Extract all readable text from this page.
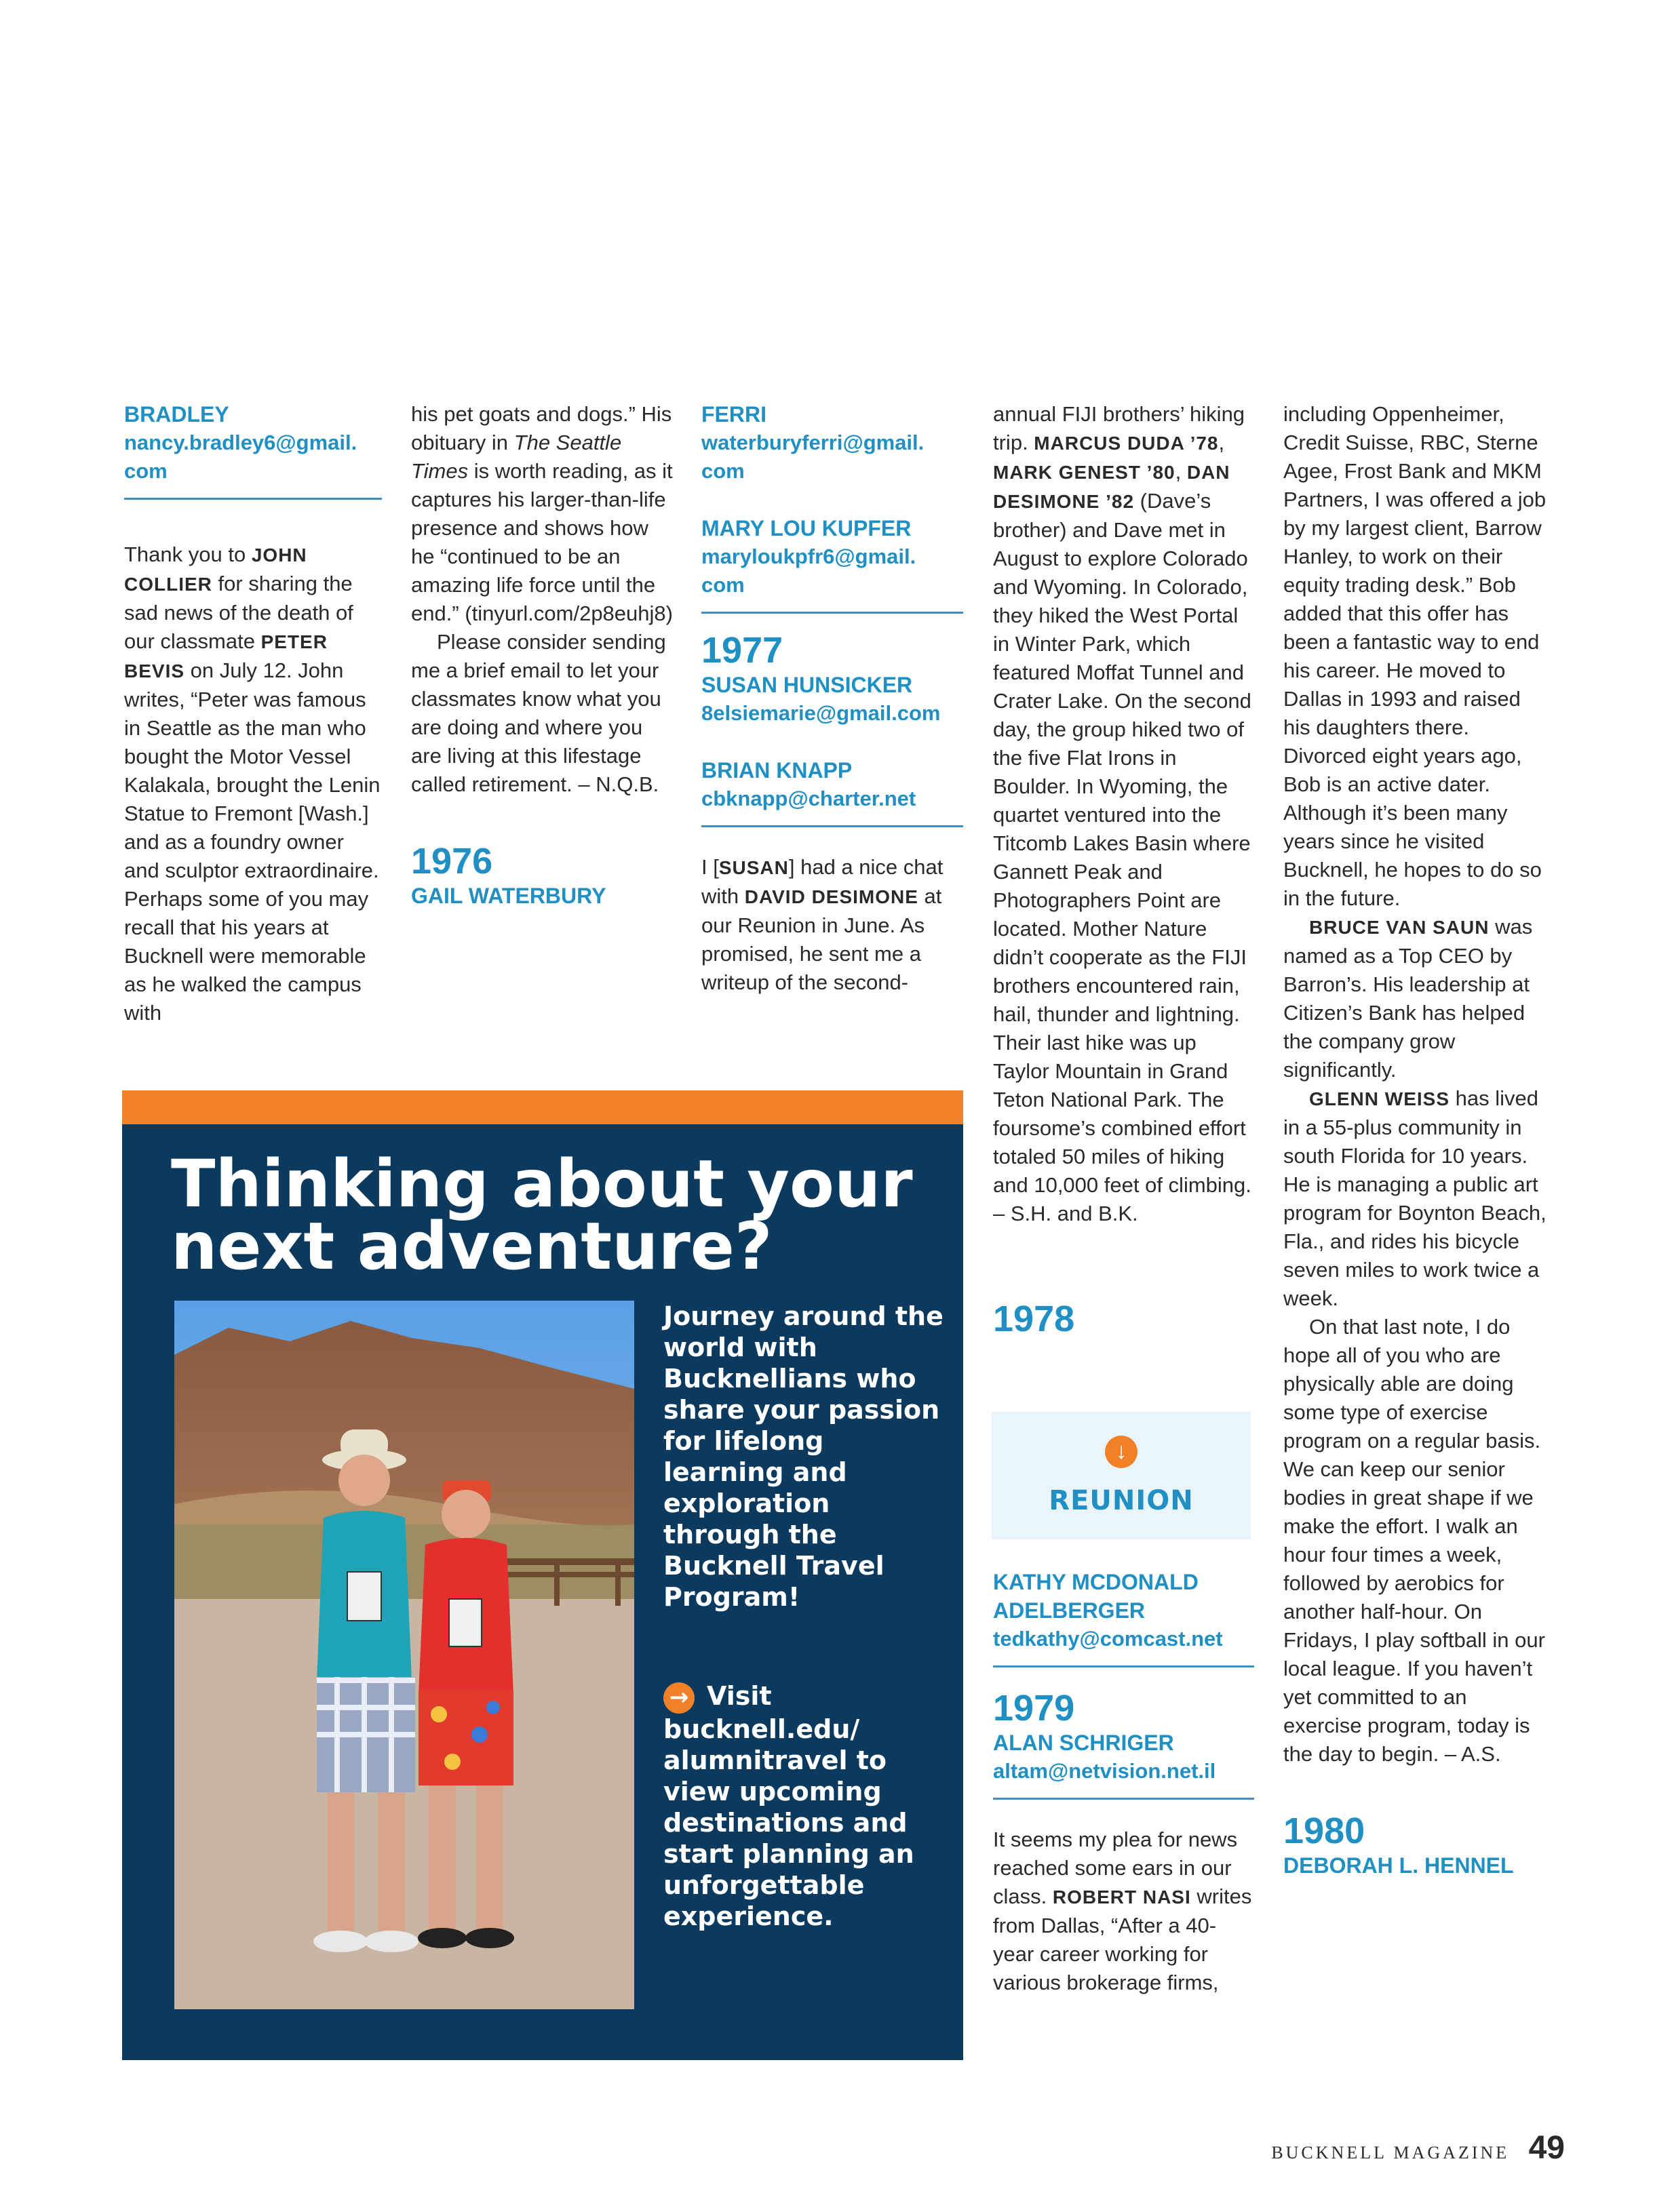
BRADLEY
nancy.bradley6@gmail.
com

Thank you to JOHN COLLIER for sharing the sad news of the death of our classmate PETER BEVIS on July 12. John writes, “Peter was famous in Seattle as the man who bought the Motor Vessel Kalakala, brought the Lenin Statue to Fremont [Wash.] and as a foundry owner and sculptor extraordinaire. Perhaps some of you may recall that his years at Bucknell were memorable as he walked the campus with

his pet goats and dogs.” His obituary in The Seattle Times is worth reading, as it captures his larger-than-life presence and shows how he “continued to be an amazing life force until the end.” (tinyurl.com/2p8euhj8)

Please consider sending me a brief email to let your classmates know what you are doing and where you are living at this lifestage called retirement. – N.Q.B.

1976
GAIL WATERBURY
FERRI
waterburyferri@gmail.
com
MARY LOU KUPFER
maryloukpfr6@gmail.
com
1977
SUSAN HUNSICKER
8elsiemarie@gmail.com
BRIAN KNAPP
cbknapp@charter.net

I [SUSAN] had a nice chat with DAVID DESIMONE at our Reunion in June. As promised, he sent me a writeup of the second-

annual FIJI brothers’ hiking trip. MARCUS DUDA ’78, MARK GENEST ’80, DAN DESIMONE ’82 (Dave’s brother) and Dave met in August to explore Colorado and Wyoming. In Colorado, they hiked the West Portal in Winter Park, which featured Moffat Tunnel and Crater Lake. On the second day, the group hiked two of the five Flat Irons in Boulder. In Wyoming, the quartet ventured into the Titcomb Lakes Basin where Gannett Peak and Photographers Point are located. Mother Nature didn’t cooperate as the FIJI brothers encountered rain, hail, thunder and lightning. Their last hike was up Taylor Mountain in Grand Teton National Park. The foursome’s combined effort totaled 50 miles of hiking and 10,000 feet of climbing. – S.H. and B.K.

1978
↓
REUNION
KATHY MCDONALD ADELBERGER
tedkathy@comcast.net
1979
ALAN SCHRIGER
altam@netvision.net.il

It seems my plea for news reached some ears in our class. ROBERT NASI writes from Dallas, “After a 40-year career working for various brokerage firms,

including Oppenheimer, Credit Suisse, RBC, Sterne Agee, Frost Bank and MKM Partners, I was offered a job by my largest client, Barrow Hanley, to work on their equity trading desk.” Bob added that this offer has been a fantastic way to end his career. He moved to Dallas in 1993 and raised his daughters there. Divorced eight years ago, Bob is an active dater. Although it’s been many years since he visited Bucknell, he hopes to do so in the future.

BRUCE VAN SAUN was named as a Top CEO by Barron’s. His leadership at Citizen’s Bank has helped the company grow significantly.

GLENN WEISS has lived in a 55-plus community in south Florida for 10 years. He is managing a public art program for Boynton Beach, Fla., and rides his bicycle seven miles to work twice a week.

On that last note, I do hope all of you who are physically able are doing some type of exercise program on a regular basis. We can keep our senior bodies in great shape if we make the effort. I walk an hour four times a week, followed by aerobics for another half-hour. On Fridays, I play softball in our local league. If you haven’t yet committed to an exercise program, today is the day to begin. – A.S.

1980
DEBORAH L. HENNEL
Thinking about your next adventure?
Journey around the world with Bucknellians who share your passion for lifelong learning and exploration through the Bucknell Travel Program!
→ Visit bucknell.edu/ alumnitravel to view upcoming destinations and start planning an unforgettable experience.
BUCKNELL MAGAZINE 49
